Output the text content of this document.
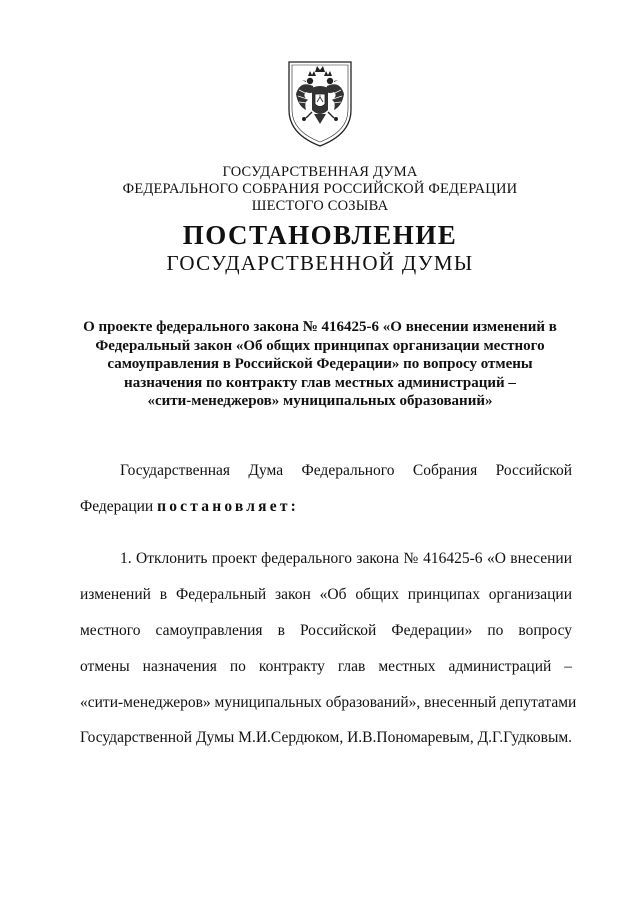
ГОСУДАРСТВЕННАЯ ДУМА
ФЕДЕРАЛЬНОГО СОБРАНИЯ РОССИЙСКОЙ ФЕДЕРАЦИИ
ШЕСТОГО СОЗЫВА
ПОСТАНОВЛЕНИЕ
ГОСУДАРСТВЕННОЙ ДУМЫ
О проекте федерального закона № 416425-6 «О внесении изменений в
Федеральный закон «Об общих принципах организации местного
самоуправления в Российской Федерации» по вопросу отмены
назначения по контракту глав местных администраций –
«сити-менеджеров» муниципальных образований»
Государственная Дума Федерального Собрания Российской
Федерации постановляет:
1. Отклонить проект федерального закона № 416425-6 «О внесении
изменений в Федеральный закон «Об общих принципах организации
местного самоуправления в Российской Федерации» по вопросу
отмены назначения по контракту глав местных администраций –
«сити-менеджеров» муниципальных образований», внесенный депутатами
Государственной Думы М.И.Сердюком, И.В.Пономаревым, Д.Г.Гудковым.
